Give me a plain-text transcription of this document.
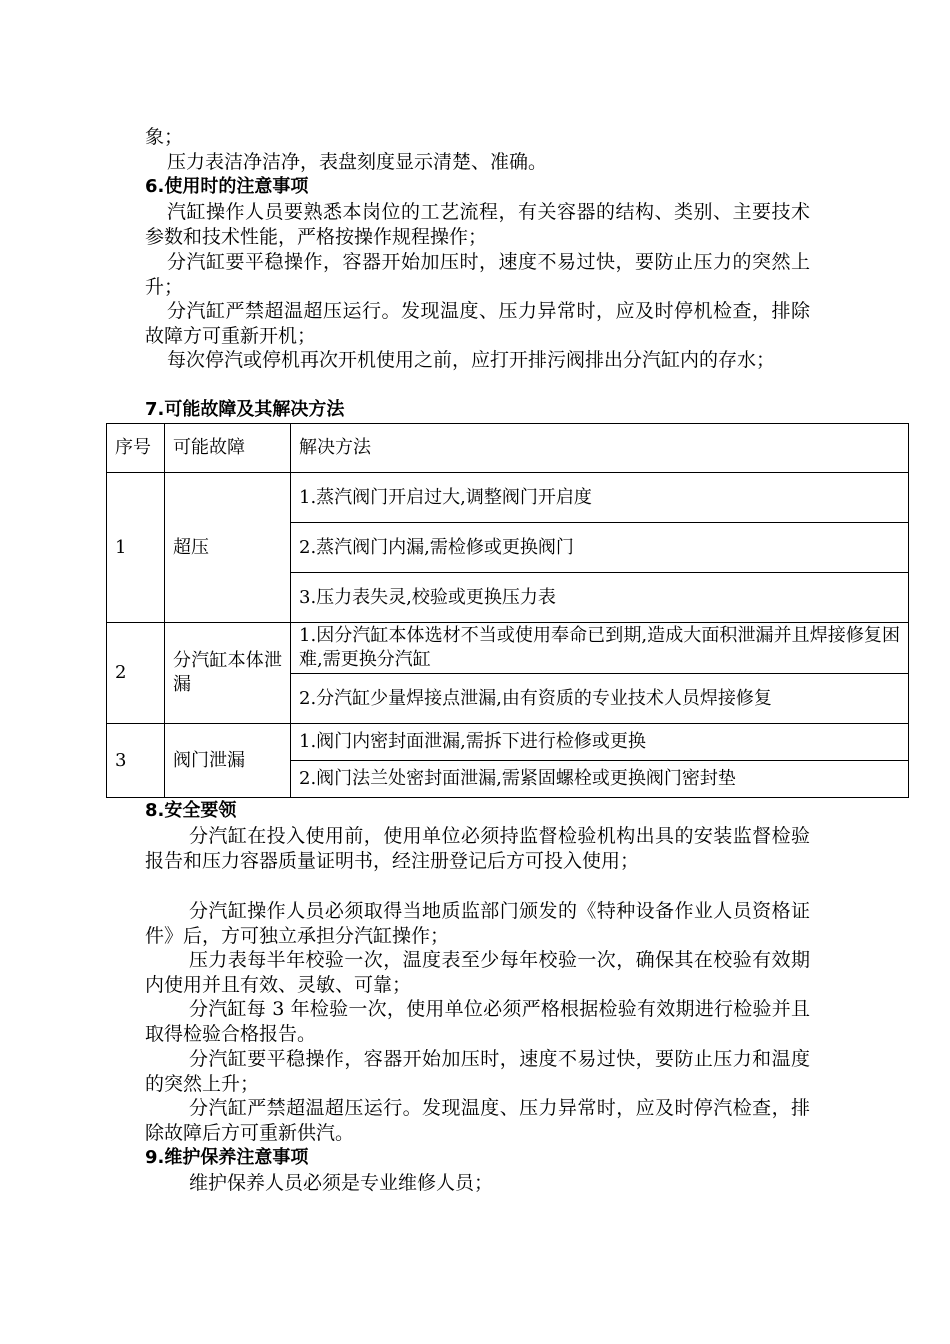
象；

压力表洁净洁净，表盘刻度显示清楚、准确。

6.使用时的注意事项

汽缸操作人员要熟悉本岗位的工艺流程，有关容器的结构、类别、主要技术参数和技术性能，严格按操作规程操作；

分汽缸要平稳操作，容器开始加压时，速度不易过快，要防止压力的突然上升；

分汽缸严禁超温超压运行。发现温度、压力异常时，应及时停机检查，排除故障方可重新开机；

每次停汽或停机再次开机使用之前，应打开排污阀排出分汽缸内的存水；

7.可能故障及其解决方法
序号	可能故障	解决方法
1	超压	1.蒸汽阀门开启过大,调整阀门开启度
		2.蒸汽阀门内漏,需检修或更换阀门
		3.压力表失灵,校验或更换压力表
2	分汽缸本体泄漏	1.因分汽缸本体选材不当或使用奉命已到期,造成大面积泄漏并且焊接修复困难,需更换分汽缸
		2.分汽缸少量焊接点泄漏,由有资质的专业技术人员焊接修复
3	阀门泄漏	1.阀门内密封面泄漏,需拆下进行检修或更换
		2.阀门法兰处密封面泄漏,需紧固螺栓或更换阀门密封垫
8.安全要领

分汽缸在投入使用前，使用单位必须持监督检验机构出具的安装监督检验报告和压力容器质量证明书，经注册登记后方可投入使用；

分汽缸操作人员必须取得当地质监部门颁发的《特种设备作业人员资格证件》后，方可独立承担分汽缸操作；

压力表每半年校验一次，温度表至少每年校验一次，确保其在校验有效期内使用并且有效、灵敏、可靠；

分汽缸每 3 年检验一次，使用单位必须严格根据检验有效期进行检验并且取得检验合格报告。

分汽缸要平稳操作，容器开始加压时，速度不易过快，要防止压力和温度的突然上升；

分汽缸严禁超温超压运行。发现温度、压力异常时，应及时停汽检查，排除故障后方可重新供汽。

9.维护保养注意事项

维护保养人员必须是专业维修人员；
